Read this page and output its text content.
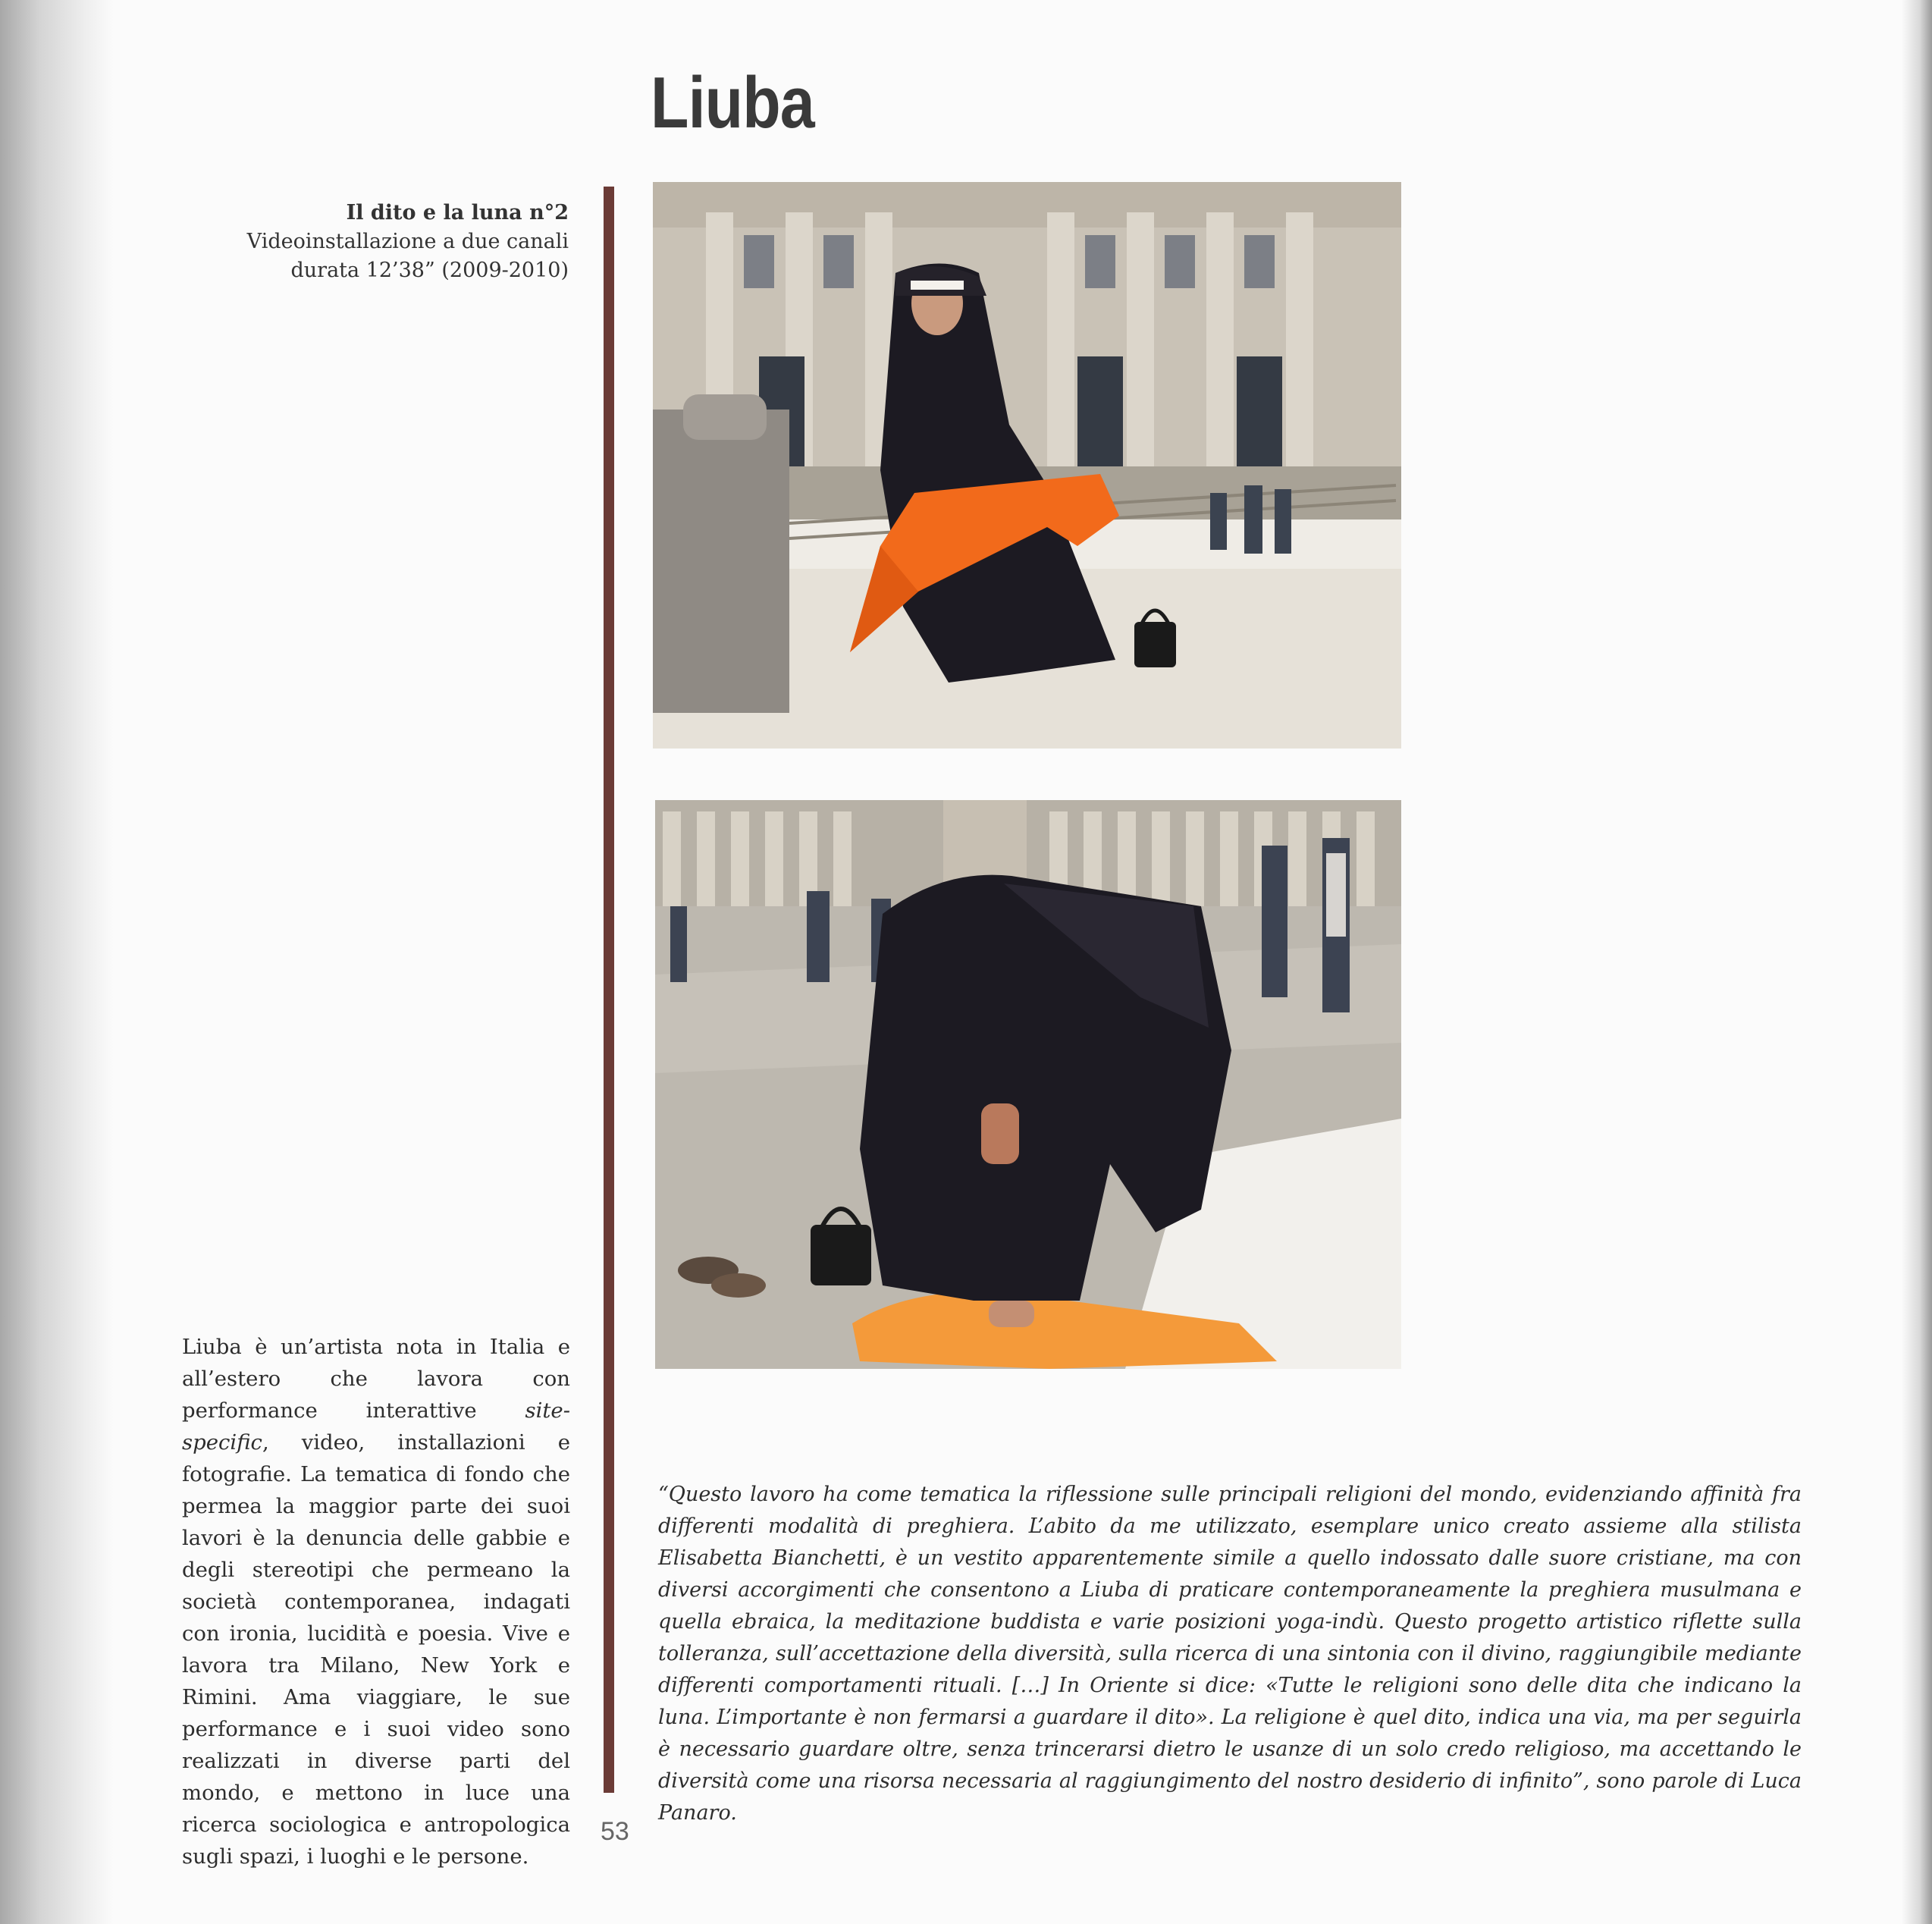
Liuba
Il dito e la luna n°2
Videoinstallazione a due canali
durata 12’38” (2009-2010)
Liuba è un’artista nota in Italia e all’estero che lavora con performance interattive site-specific, video, installazioni e fotografie. La tematica di fondo che permea la maggior parte dei suoi lavori è la denuncia delle gabbie e degli stereotipi che permeano la società contemporanea, indagati con ironia, lucidità e poesia. Vive e lavora tra Milano, New York e Rimini. Ama viaggiare, le sue performance e i suoi video sono realizzati in diverse parti del mondo, e mettono in luce una ricerca sociologica e antropologica sugli spazi, i luoghi e le persone.
“Questo lavoro ha come tematica la riflessione sulle principali religioni del mondo, evidenziando affinità fra differenti modalità di preghiera. L’abito da me utilizzato, esemplare unico creato assieme alla stilista Elisabetta Bianchetti, è un vestito apparentemente simile a quello indossato dalle suore cristiane, ma con diversi accorgimenti che consentono a Liuba di praticare contemporaneamente la preghiera musulmana e quella ebraica, la meditazione buddista e varie posizioni yoga-indù. Questo progetto artistico riflette sulla tolleranza, sull’accettazione della diversità, sulla ricerca di una sintonia con il divino, raggiungibile mediante differenti comportamenti rituali. […] In Oriente si dice: «Tutte le religioni sono delle dita che indicano la luna. L’importante è non fermarsi a guardare il dito». La religione è quel dito, indica una via, ma per seguirla è necessario guardare oltre, senza trincerarsi dietro le usanze di un solo credo religioso, ma accettando le diversità come una risorsa necessaria al raggiungimento del nostro desiderio di infinito”, sono parole di Luca Panaro.
53
